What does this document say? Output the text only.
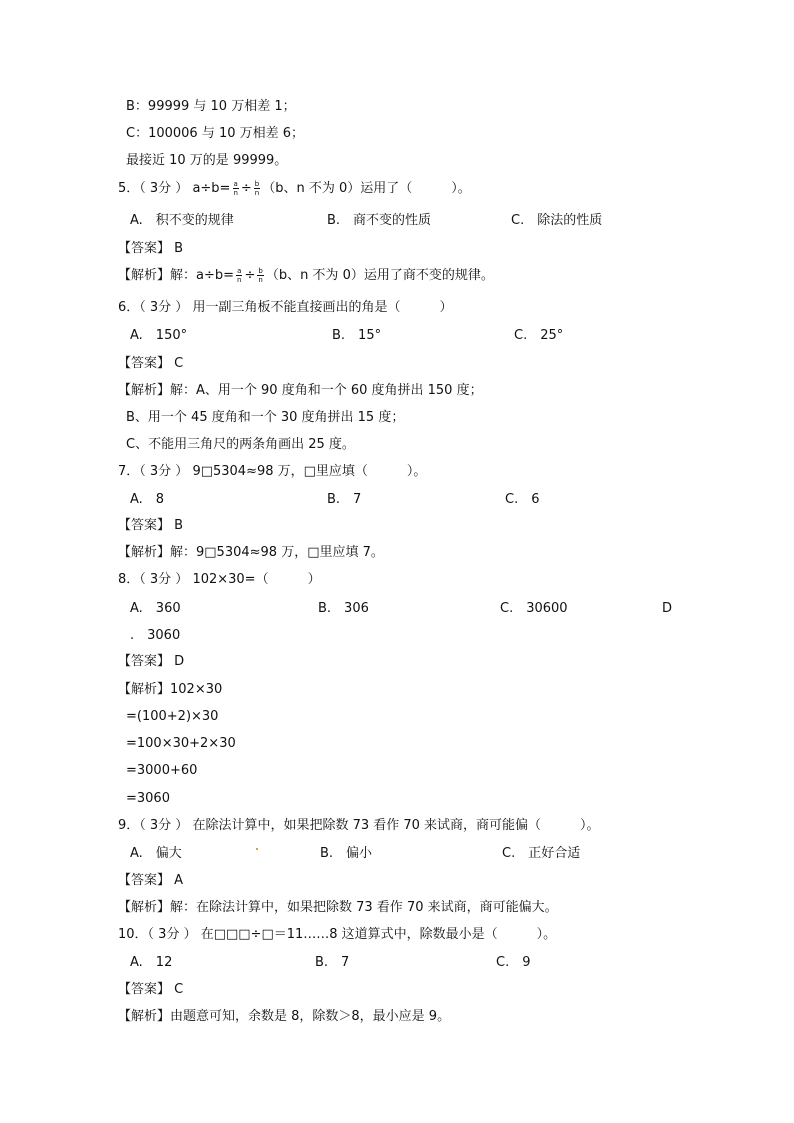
B：99999 与 10 万相差 1；
C：100006 与 10 万相差 6；
最接近 10 万的是 99999。
5．（ 3分 ） $a\div b= \frac{a}{n} \div \frac{b}{n} (b$、n 不为 0）运用了（　　　）。
A.　积不变的规律	B.　商不变的性质	C.　除法的性质
【答案】 B
【解析】解：$a\div b= \frac{a}{n} \div \frac{b}{n} (b$、n 不为 0）运用了商不变的规律。
6．（ 3分 ） 用一副三角板不能直接画出的角是（　　　）
A.　150°	B.　15°	C.　25°
【答案】 C
【解析】解：A、用一个 90 度角和一个 60 度角拼出 150 度；
B、用一个 45 度角和一个 30 度角拼出 15 度；
C、不能用三角尺的两条角画出 25 度。
7．（ 3分 ） 9□5304≈98 万，□里应填（　　　）。
A.　8	B.　7	C.　6
【答案】 B
【解析】解：9□5304≈98 万，□里应填 7。
8．（ 3分 ） 102×30=（　　　）
A.　360	B.　306	C.　30600	D
.　3060
【答案】 D
【解析】102×30
=(100+2)×30
=100×30+2×30
=3000+60
=3060
9．（ 3分 ） 在除法计算中，如果把除数 73 看作 70 来试商，商可能偏（　　　）。
A.　偏大	B.　偏小	C.　正好合适
【答案】 A
【解析】解：在除法计算中，如果把除数 73 看作 70 来试商，商可能偏大。
10．（ 3分 ） 在□□□÷□＝11……8 这道算式中，除数最小是（　　　）。
A.　12	B.　7	C.　9
【答案】 C
【解析】由题意可知，余数是 8，除数＞8，最小应是 9。
